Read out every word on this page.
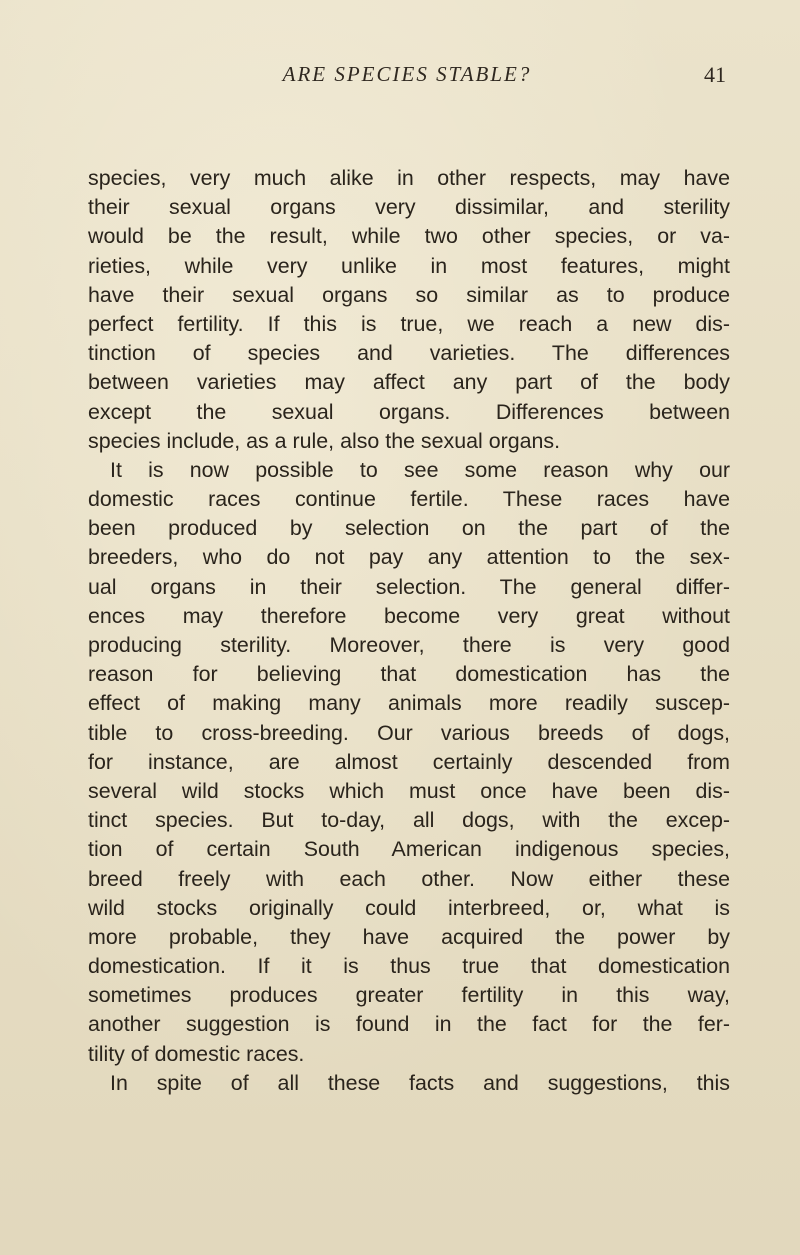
ARE SPECIES STABLE?	41
species, very much alike in other respects, may have
their sexual organs very dissimilar, and sterility
would be the result, while two other species, or va-
rieties, while very unlike in most features, might
have their sexual organs so similar as to produce
perfect fertility. If this is true, we reach a new dis-
tinction of species and varieties. The differences
between varieties may affect any part of the body
except the sexual organs. Differences between
species include, as a rule, also the sexual organs.
It is now possible to see some reason why our
domestic races continue fertile. These races have
been produced by selection on the part of the
breeders, who do not pay any attention to the sex-
ual organs in their selection. The general differ-
ences may therefore become very great without
producing sterility. Moreover, there is very good
reason for believing that domestication has the
effect of making many animals more readily suscep-
tible to cross-breeding. Our various breeds of dogs,
for instance, are almost certainly descended from
several wild stocks which must once have been dis-
tinct species. But to-day, all dogs, with the excep-
tion of certain South American indigenous species,
breed freely with each other. Now either these
wild stocks originally could interbreed, or, what is
more probable, they have acquired the power by
domestication. If it is thus true that domestication
sometimes produces greater fertility in this way,
another suggestion is found in the fact for the fer-
tility of domestic races.
In spite of all these facts and suggestions, this
